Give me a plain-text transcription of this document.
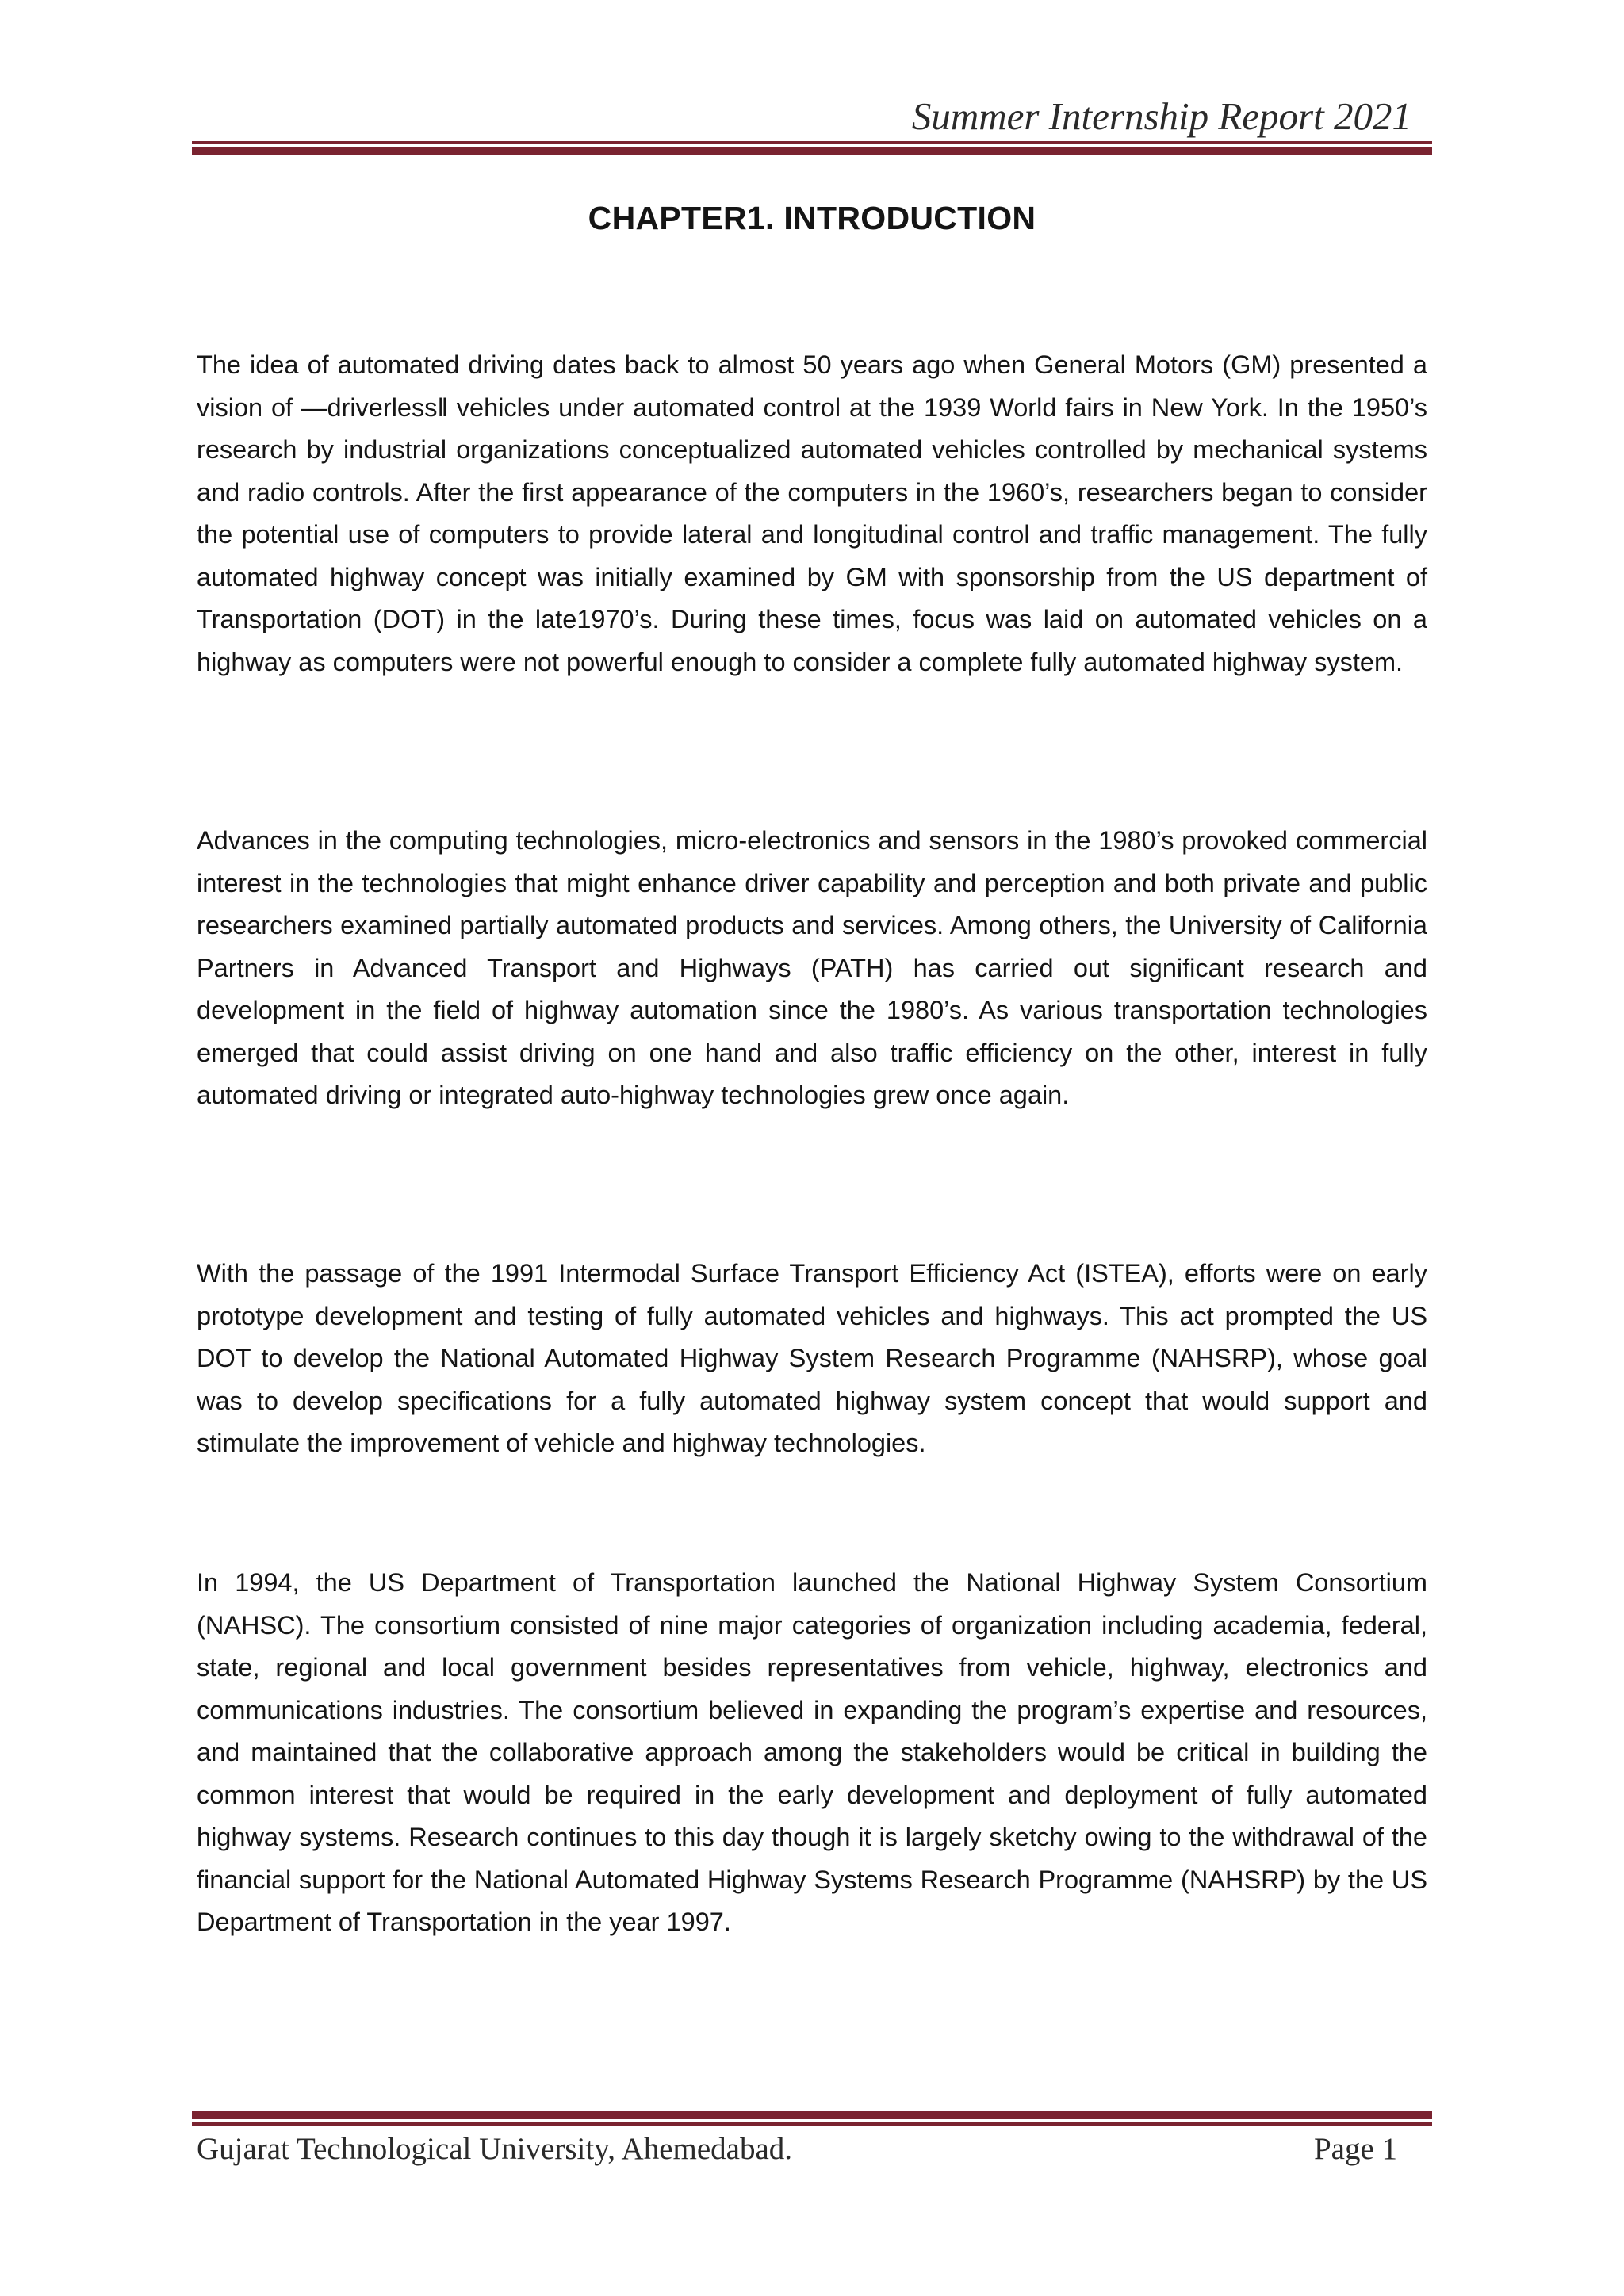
Summer Internship Report 2021
CHAPTER1. INTRODUCTION

The idea of automated driving dates back to almost 50 years ago when General Motors (GM) presented a vision of —driverless‖ vehicles under automated control at the 1939 World fairs in New York. In the 1950’s research by industrial organizations conceptualized automated vehicles controlled by mechanical systems and radio controls. After the first appearance of the computers in the 1960’s, researchers began to consider the potential use of computers to provide lateral and longitudinal control and traffic management. The fully automated highway concept was initially examined by GM with sponsorship from the US department of Transportation (DOT) in the late1970’s. During these times, focus was laid on automated vehicles on a highway as computers were not powerful enough to consider a complete fully automated highway system.

Advances in the computing technologies, micro-electronics and sensors in the 1980’s provoked commercial interest in the technologies that might enhance driver capability and perception and both private and public researchers examined partially automated products and services. Among others, the University of California Partners in Advanced Transport and Highways (PATH) has carried out significant research and development in the field of highway automation since the 1980’s. As various transportation technologies emerged that could assist driving on one hand and also traffic efficiency on the other, interest in fully automated driving or integrated auto-highway technologies grew once again.

With the passage of the 1991 Intermodal Surface Transport Efficiency Act (ISTEA), efforts were on early prototype development and testing of fully automated vehicles and highways. This act prompted the US DOT to develop the National Automated Highway System Research Programme (NAHSRP), whose goal was to develop specifications for a fully automated highway system concept that would support and stimulate the improvement of vehicle and highway technologies.

In 1994, the US Department of Transportation launched the National Highway System Consortium (NAHSC). The consortium consisted of nine major categories of organization including academia, federal, state, regional and local government besides representatives from vehicle, highway, electronics and communications industries. The consortium believed in expanding the program’s expertise and resources, and maintained that the collaborative approach among the stakeholders would be critical in building the common interest that would be required in the early development and deployment of fully automated highway systems. Research continues to this day though it is largely sketchy owing to the withdrawal of the financial support for the National Automated Highway Systems Research Programme (NAHSRP) by the US Department of Transportation in the year 1997.

Gujarat Technological University, Ahemedabad.	Page 1
